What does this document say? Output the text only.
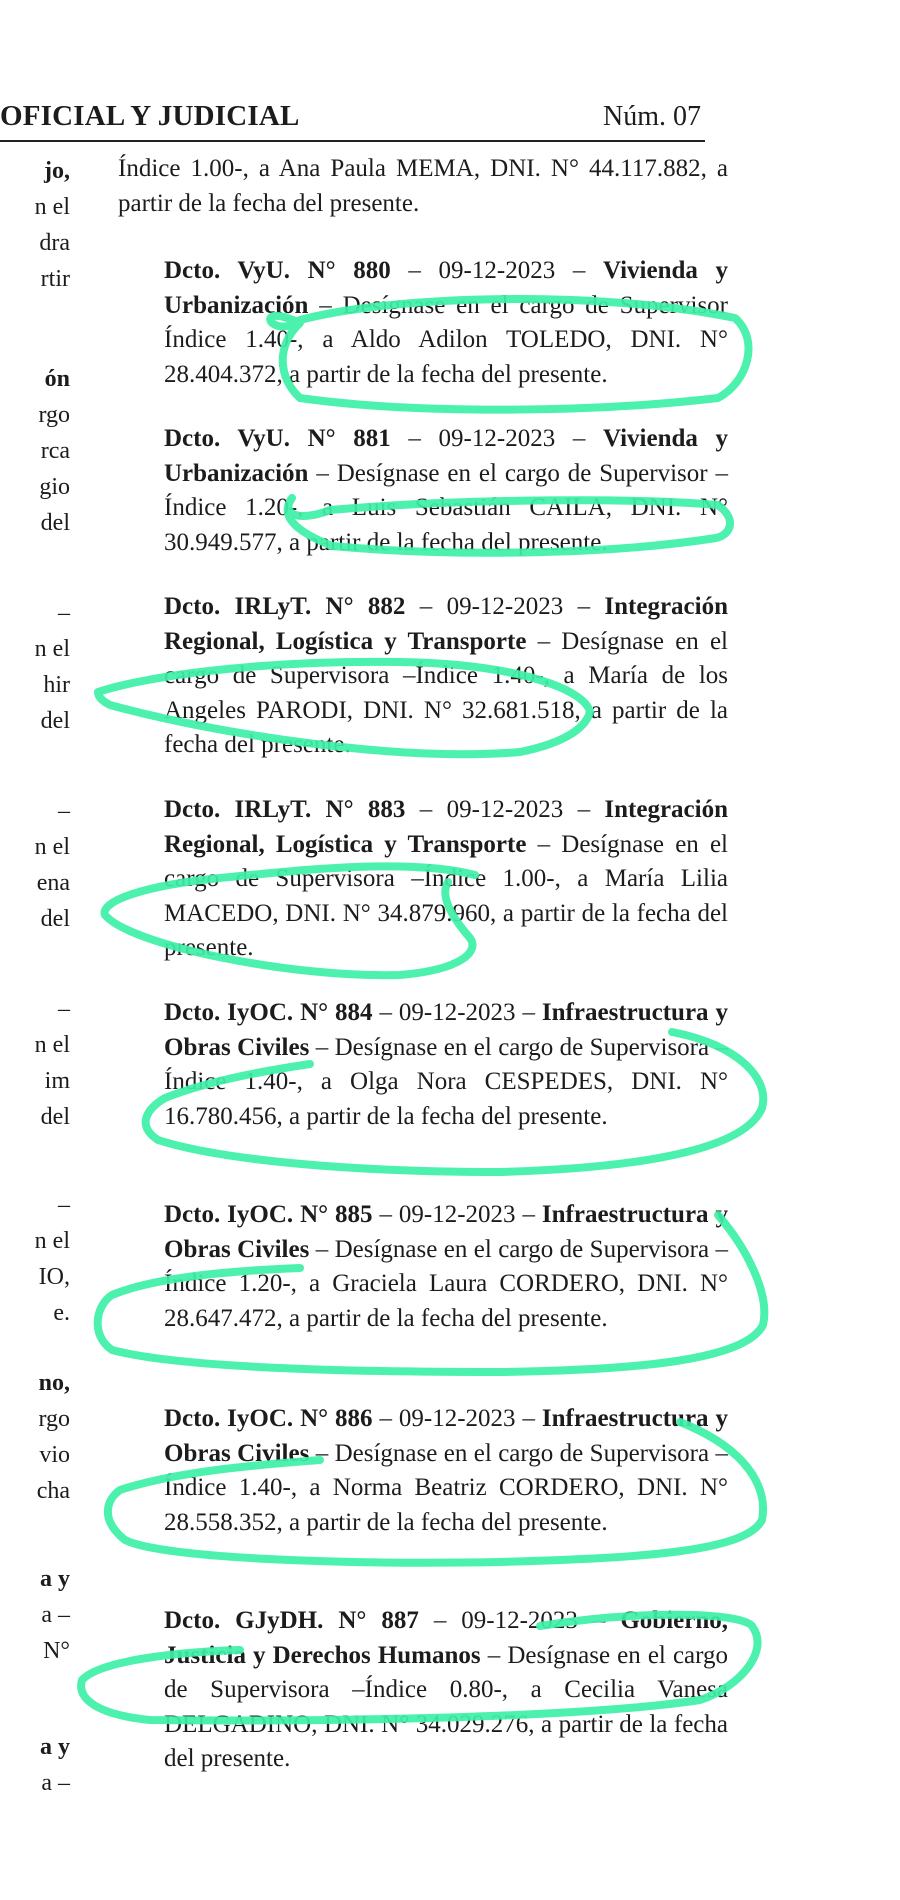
OFICIAL Y JUDICIAL	Núm. 07
jo,
n el
dra
rtir
ón
rgo
rca
gio
del
–
n el
hir
del
–
n el
ena
del
–
n el
im
del
–
n el
IO,
e.
no,
rgo
vio
cha
a y
a –
N°
a y
a –

Índice 1.00-, a Ana Paula MEMA, DNI. N° 44.117.882, a partir de la fecha del presente.

Dcto. VyU. N° 880 – 09-12-2023 – Vivienda y Urbanización – Desígnase en el cargo de Supervisor Índice 1.40-, a Aldo Adilon TOLEDO, DNI. N° 28.404.372, a partir de la fecha del presente.

Dcto. VyU. N° 881 – 09-12-2023 – Vivienda y Urbanización – Desígnase en el cargo de Supervisor – Índice 1.20-, a Luis Sebastián CAILA, DNI. N° 30.949.577, a partir de la fecha del presente.

Dcto. IRLyT. N° 882 – 09-12-2023 – Integración Regional, Logística y Transporte – Desígnase en el cargo de Supervisora –Índice 1.40-, a María de los Angeles PARODI, DNI. N° 32.681.518, a partir de la fecha del presente.

Dcto. IRLyT. N° 883 – 09-12-2023 – Integración Regional, Logística y Transporte – Desígnase en el cargo de Supervisora –Índice 1.00-, a María Lilia MACEDO, DNI. N° 34.879.960, a partir de la fecha del presente.

Dcto. IyOC. N° 884 – 09-12-2023 – Infraestructura y Obras Civiles – Desígnase en el cargo de Supervisora –Índice 1.40-, a Olga Nora CESPEDES, DNI. N° 16.780.456, a partir de la fecha del presente.

Dcto. IyOC. N° 885 – 09-12-2023 – Infraestructura y Obras Civiles – Desígnase en el cargo de Supervisora –Índice 1.20-, a Graciela Laura CORDERO, DNI. N° 28.647.472, a partir de la fecha del presente.

Dcto. IyOC. N° 886 – 09-12-2023 – Infraestructura y Obras Civiles – Desígnase en el cargo de Supervisora –Índice 1.40-, a Norma Beatriz CORDERO, DNI. N° 28.558.352, a partir de la fecha del presente.

Dcto. GJyDH. N° 887 – 09-12-2023 – Gobierno, Justicia y Derechos Humanos – Desígnase en el cargo de Supervisora –Índice 0.80-, a Cecilia Vanesa DELGADINO, DNI. N° 34.029.276, a partir de la fecha del presente.
